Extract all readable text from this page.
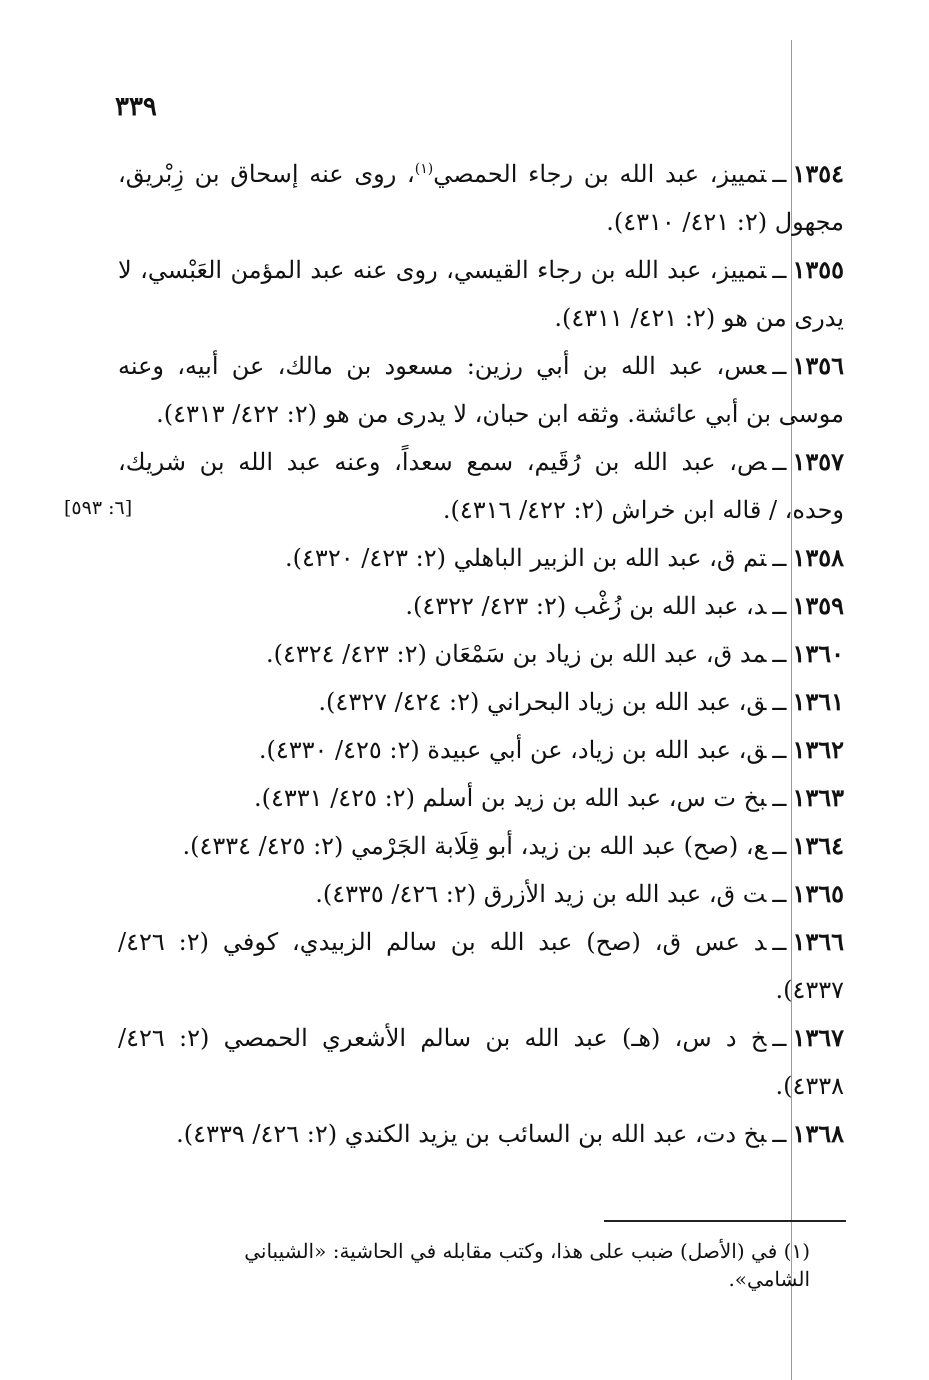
٣٣٩

١٣٥٤ــتمييز، عبد الله بن رجاء الحمصي$^{(١)}$، روى عنه إسحاق بن زِبْريق، مجهول (٢: ٤٢١/ ٤٣١٠).

١٣٥٥ــتمييز، عبد الله بن رجاء القيسي، روى عنه عبد المؤمن العَبْسي، لا يدرى من هو (٢: ٤٢١/ ٤٣١١).

١٣٥٦ــعس، عبد الله بن أبي رزين: مسعود بن مالك، عن أبيه، وعنه موسى بن أبي عائشة. وثقه ابن حبان، لا يدرى من هو (٢: ٤٢٢/ ٤٣١٣).

١٣٥٧ــص، عبد الله بن رُقَيم، سمع سعداً، وعنه عبد الله بن شريك، وحده، / قاله ابن خراش (٢: ٤٢٢/ ٤٣١٦).

١٣٥٨ــتم ق، عبد الله بن الزبير الباهلي (٢: ٤٢٣/ ٤٣٢٠).

١٣٥٩ــد، عبد الله بن زُغْب (٢: ٤٢٣/ ٤٣٢٢).

١٣٦٠ــمد ق، عبد الله بن زياد بن سَمْعَان (٢: ٤٢٣/ ٤٣٢٤).

١٣٦١ــق، عبد الله بن زياد البحراني (٢: ٤٢٤/ ٤٣٢٧).

١٣٦٢ــق، عبد الله بن زياد، عن أبي عبيدة (٢: ٤٢٥/ ٤٣٣٠).

١٣٦٣ــبخ ت س، عبد الله بن زيد بن أسلم (٢: ٤٢٥/ ٤٣٣١).

١٣٦٤ــع، (صح) عبد الله بن زيد، أبو قِلَابة الجَرْمي (٢: ٤٢٥/ ٤٣٣٤).

١٣٦٥ــت ق، عبد الله بن زيد الأزرق (٢: ٤٢٦/ ٤٣٣٥).

١٣٦٦ــد عس ق، (صح) عبد الله بن سالم الزبيدي، كوفي (٢: ٤٢٦/ ٤٣٣٧).

١٣٦٧ــخ د س، (هـ) عبد الله بن سالم الأشعري الحمصي (٢: ٤٢٦/ ٤٣٣٨).

١٣٦٨ــبخ دت، عبد الله بن السائب بن يزيد الكندي (٢: ٤٢٦/ ٤٣٣٩).

[٦: ٥٩٣]
(١) في (الأصل) ضبب على هذا، وكتب مقابله في الحاشية: «الشيباني الشامي».
